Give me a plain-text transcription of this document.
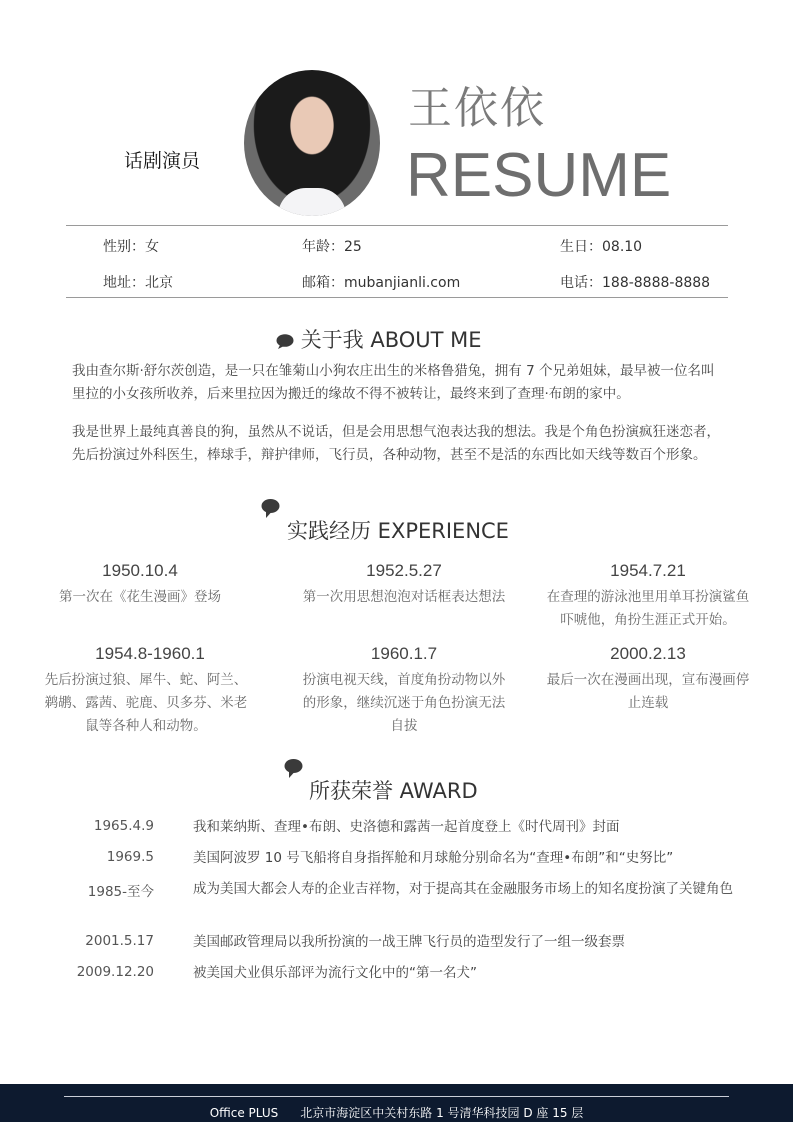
话剧演员
王依依
RESUME
性别：女	年龄：25	生日：08.10
地址：北京	邮箱：mubanjianli.com	电话：188-8888-8888
关于我 ABOUT ME
我由查尔斯·舒尔茨创造，是一只在雏菊山小狗农庄出生的米格鲁猎兔，拥有 7 个兄弟姐妹，最早被一位名叫里拉的小女孩所收养，后来里拉因为搬迁的缘故不得不被转让，最终来到了查理·布朗的家中。
我是世界上最纯真善良的狗，虽然从不说话，但是会用思想气泡表达我的想法。我是个角色扮演疯狂迷恋者，先后扮演过外科医生，棒球手，辩护律师，飞行员，各种动物，甚至不是活的东西比如天线等数百个形象。
实践经历 EXPERIENCE
1950.10.4
第一次在《花生漫画》登场
1952.5.27
第一次用思想泡泡对话框表达想法
1954.7.21
在查理的游泳池里用单耳扮演鲨鱼吓唬他，角扮生涯正式开始。
1954.8-1960.1
先后扮演过狼、犀牛、蛇、阿兰、鹈鹕、露茜、驼鹿、贝多芬、米老鼠等各种人和动物。
1960.1.7
扮演电视天线，首度角扮动物以外的形象，继续沉迷于角色扮演无法自拔
2000.2.13
最后一次在漫画出现，宣布漫画停止连载
所获荣誉 AWARD
1965.4.9	我和莱纳斯、查理•布朗、史洛德和露茜一起首度登上《时代周刊》封面
1969.5	美国阿波罗 10 号飞船将自身指挥舱和月球舱分别命名为“查理•布朗”和“史努比”
1985-至今	成为美国大都会人寿的企业吉祥物，对于提高其在金融服务市场上的知名度扮演了关键角色
2001.5.17	美国邮政管理局以我所扮演的一战王牌飞行员的造型发行了一组一级套票
2009.12.20	被美国犬业俱乐部评为流行文化中的“第一名犬”
Office PLUS 北京市海淀区中关村东路 1 号清华科技园 D 座 15 层
